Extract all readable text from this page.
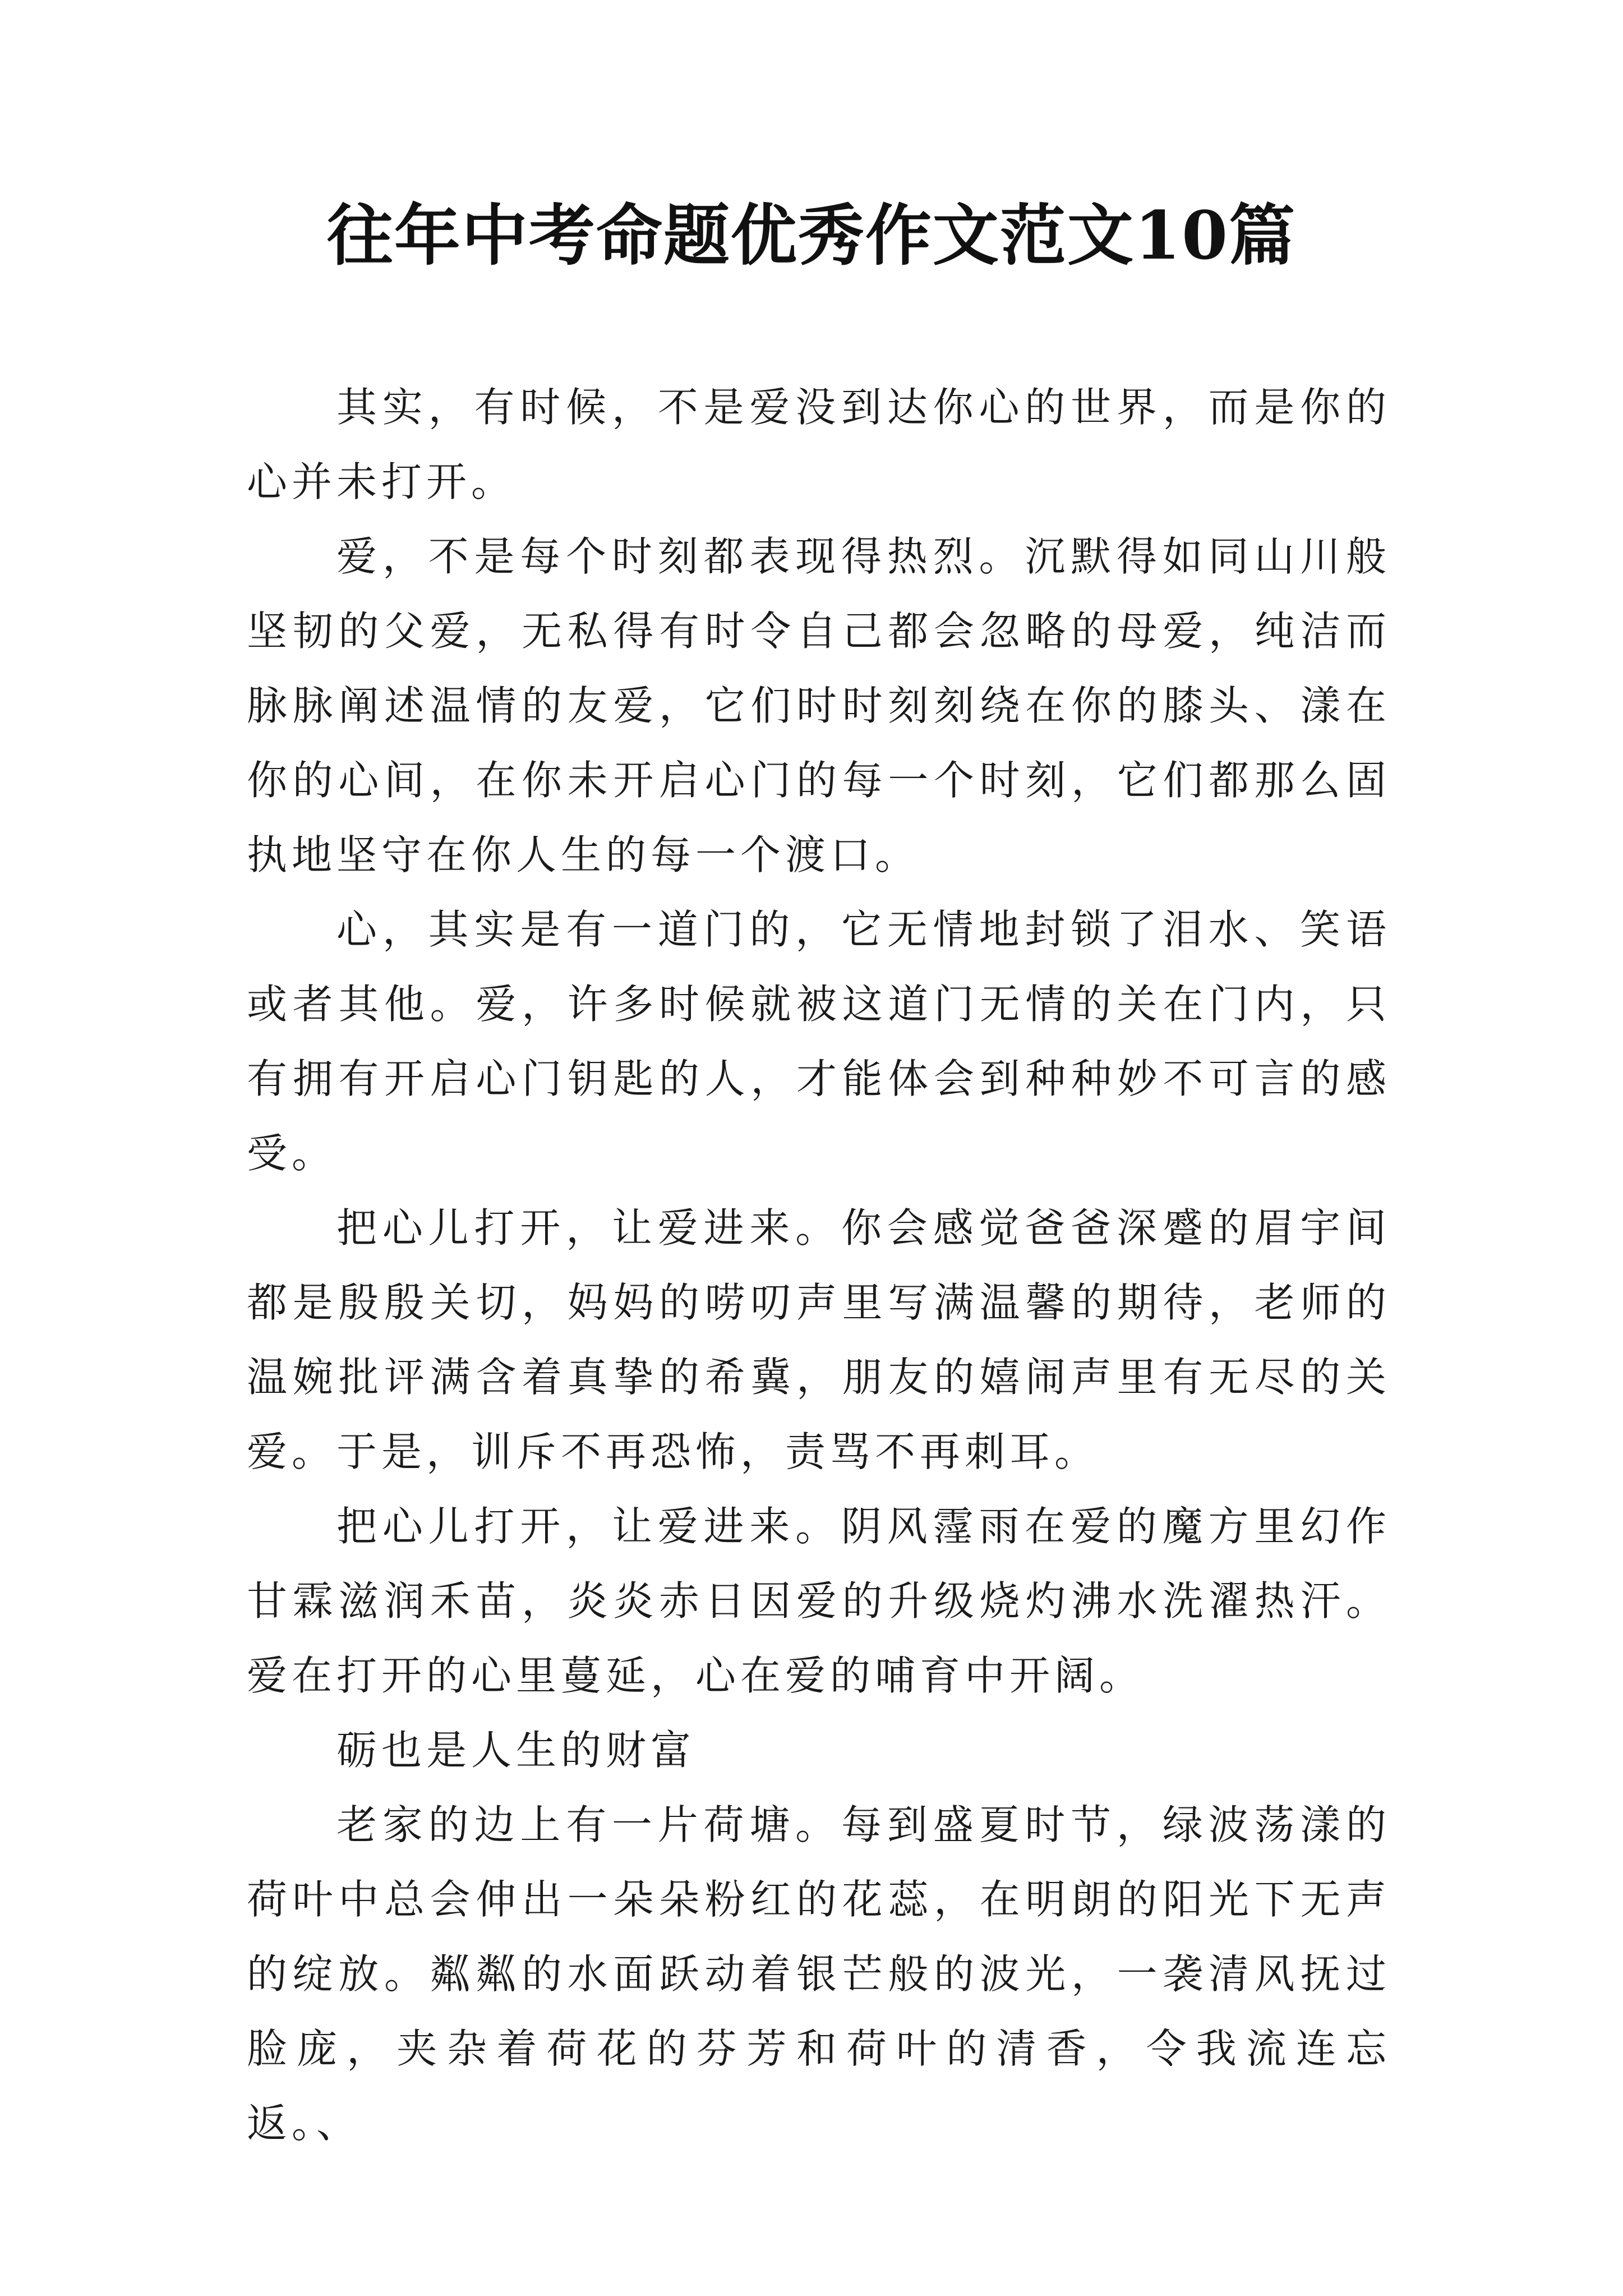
往年中考命题优秀作文范文10篇

其实，有时候，不是爱没到达你心的世界，而是你的心并未打开。

爱，不是每个时刻都表现得热烈。沉默得如同山川般坚韧的父爱，无私得有时令自己都会忽略的母爱，纯洁而脉脉阐述温情的友爱，它们时时刻刻绕在你的膝头、漾在你的心间，在你未开启心门的每一个时刻，它们都那么固执地坚守在你人生的每一个渡口。

心，其实是有一道门的，它无情地封锁了泪水、笑语或者其他。爱，许多时候就被这道门无情的关在门内，只有拥有开启心门钥匙的人，才能体会到种种妙不可言的感受。

把心儿打开，让爱进来。你会感觉爸爸深蹙的眉宇间都是殷殷关切，妈妈的唠叨声里写满温馨的期待，老师的温婉批评满含着真挚的希冀，朋友的嬉闹声里有无尽的关爱。于是，训斥不再恐怖，责骂不再刺耳。

把心儿打开，让爱进来。阴风霪雨在爱的魔方里幻作甘霖滋润禾苗，炎炎赤日因爱的升级烧灼沸水洗濯热汗。爱在打开的心里蔓延，心在爱的哺育中开阔。

砺也是人生的财富

老家的边上有一片荷塘。每到盛夏时节，绿波荡漾的荷叶中总会伸出一朵朵粉红的花蕊，在明朗的阳光下无声的绽放。粼粼的水面跃动着银芒般的波光，一袭清风抚过脸庞，夹杂着荷花的芬芳和荷叶的清香，令我流连忘返。、
